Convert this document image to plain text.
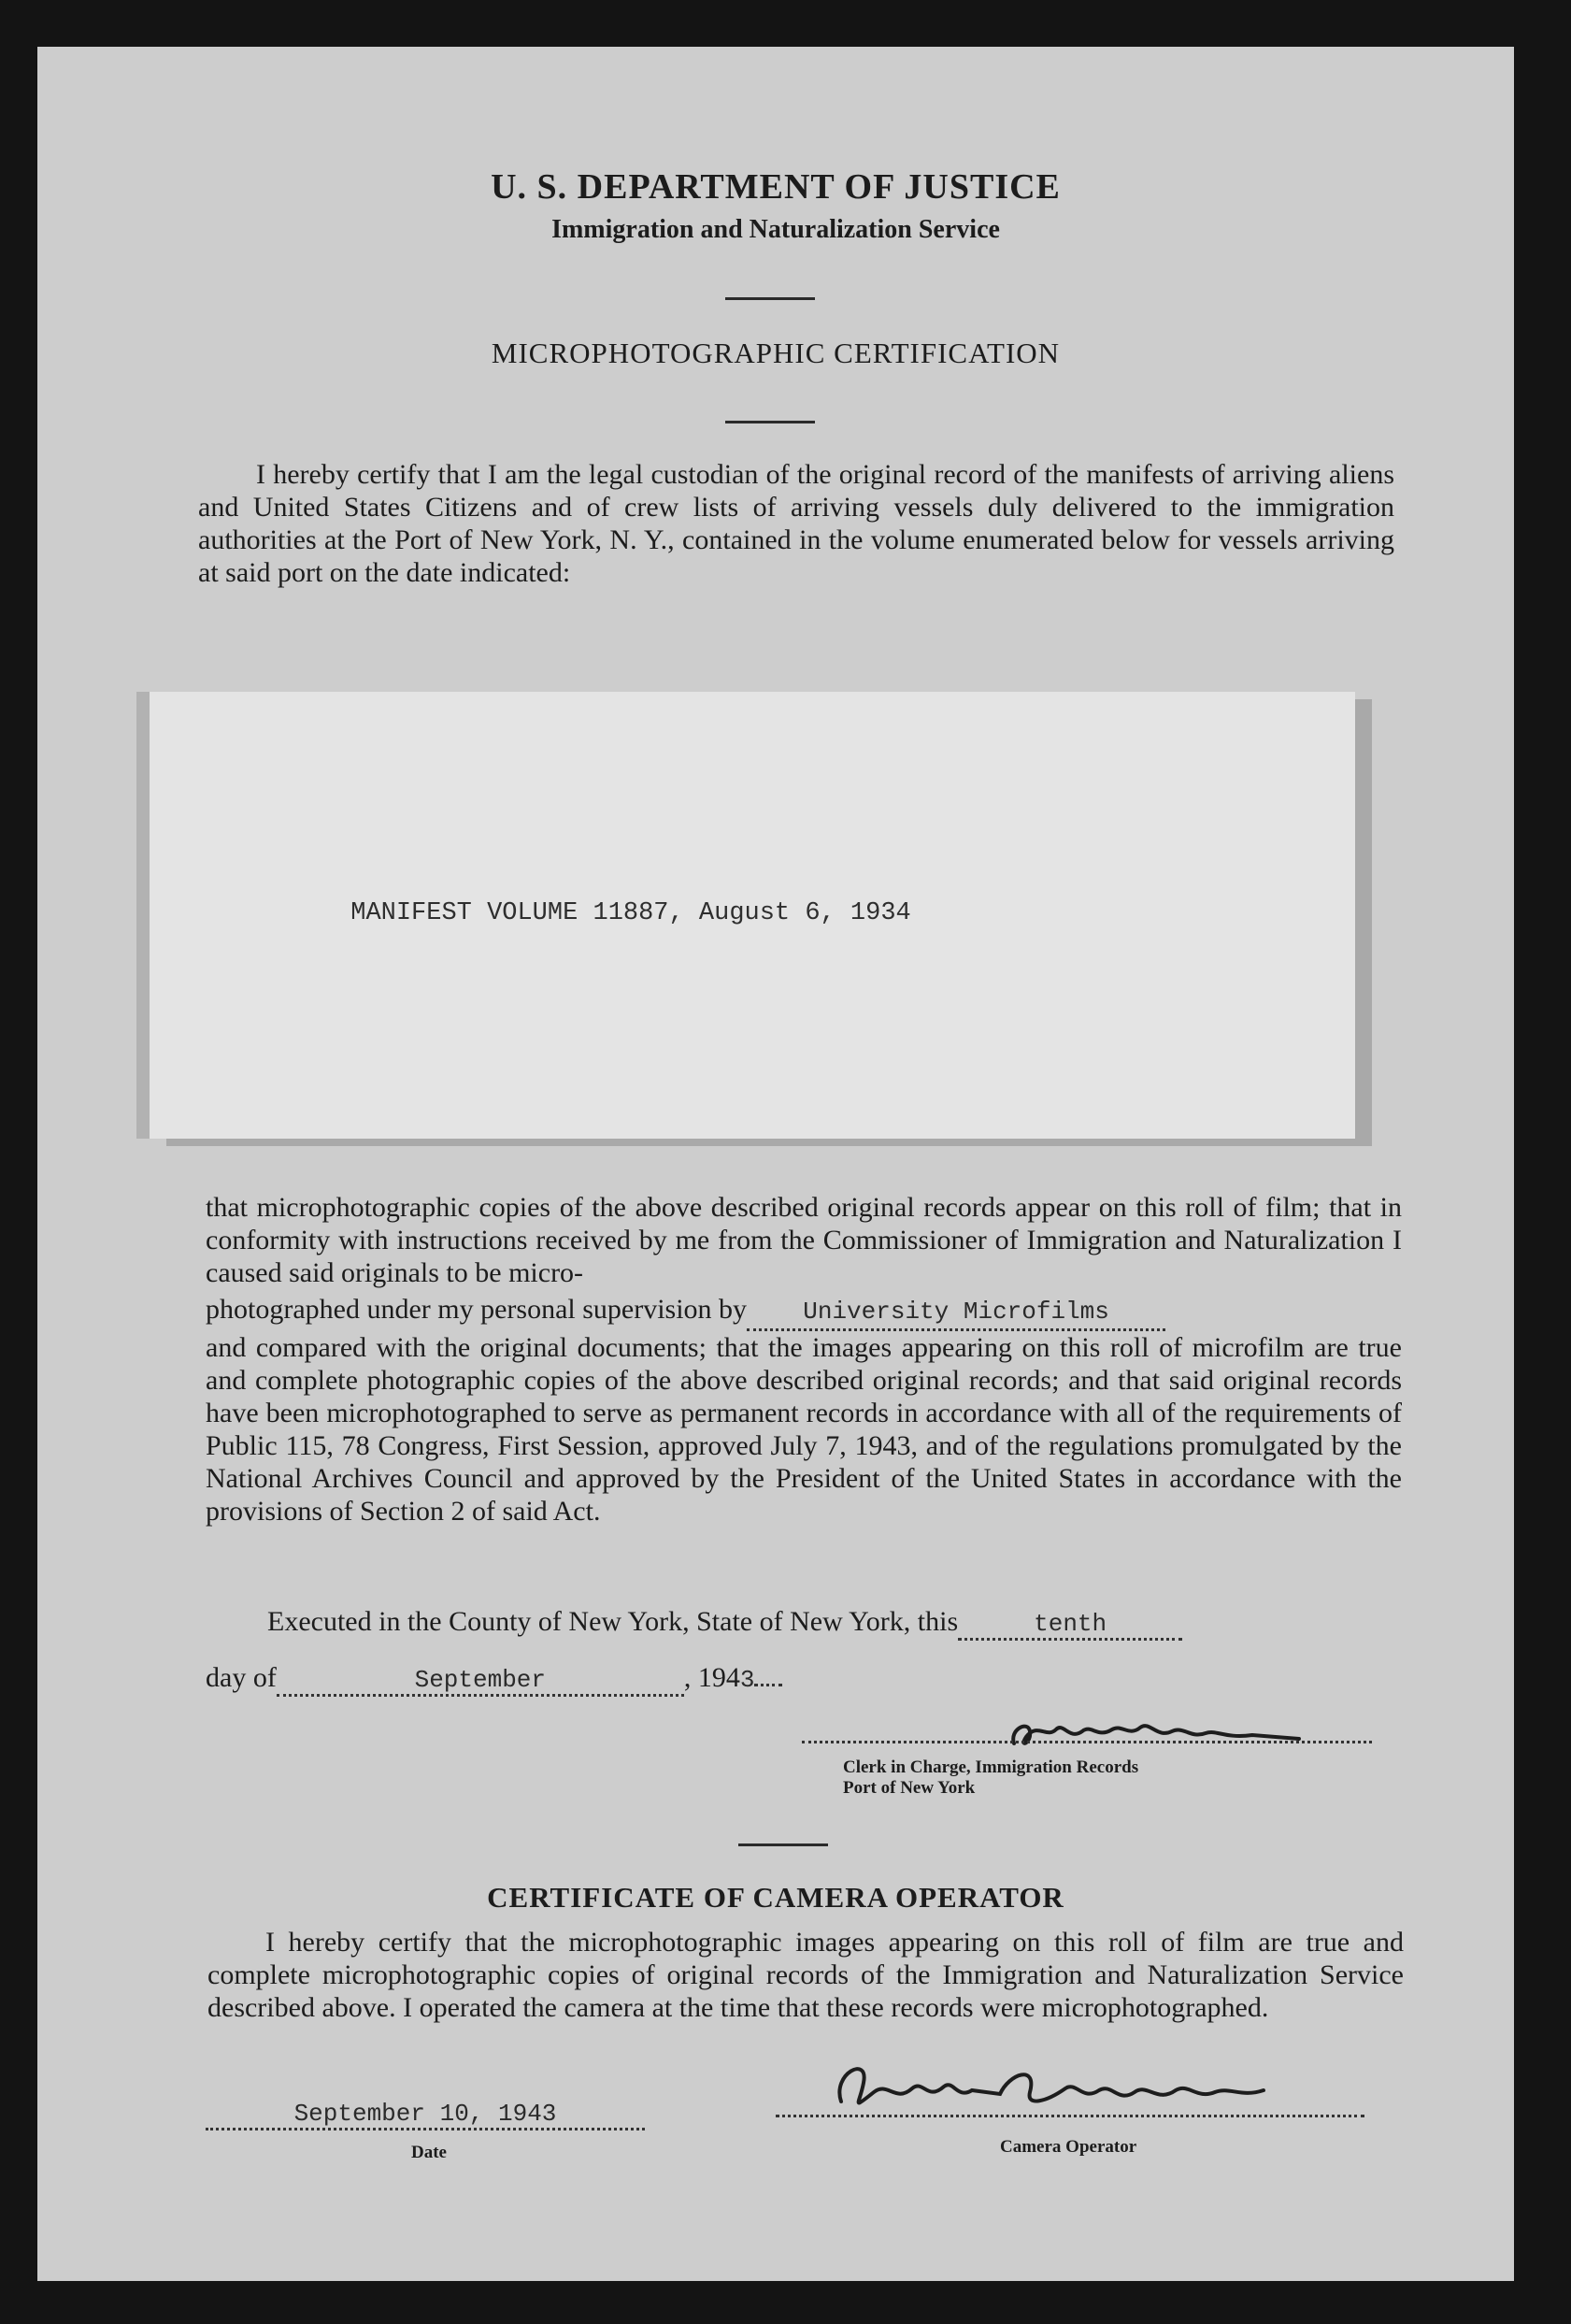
U. S. DEPARTMENT OF JUSTICE
Immigration and Naturalization Service
MICROPHOTOGRAPHIC CERTIFICATION

I hereby certify that I am the legal custodian of the original record of the manifests of arriving aliens and United States Citizens and of crew lists of arriving vessels duly delivered to the immigration authorities at the Port of New York, N. Y., contained in the volume enumerated below for vessels arriving at said port on the date indicated:

MANIFEST VOLUME 11887, August 6, 1934

that microphotographic copies of the above described original records appear on this roll of film; that in conformity with instructions received by me from the Commissioner of Immigration and Naturalization I caused said originals to be micro-

photographed under my personal supervision by University Microfilms

and compared with the original documents; that the images appearing on this roll of microfilm are true and complete photographic copies of the above described original records; and that said original records have been microphotographed to serve as permanent records in accordance with all of the requirements of Public 115, 78 Congress, First Session, approved July 7, 1943, and of the regulations promulgated by the National Archives Council and approved by the President of the United States in accordance with the provisions of Section 2 of said Act.

Executed in the County of New York, State of New York, this	tenth
day of	September	, 1943
Clerk in Charge, Immigration Records
Port of New York
CERTIFICATE OF CAMERA OPERATOR

I hereby certify that the microphotographic images appearing on this roll of film are true and complete microphotographic copies of original records of the Immigration and Naturalization Service described above. I operated the camera at the time that these records were microphotographed.

September 10, 1943
Date	Camera Operator
